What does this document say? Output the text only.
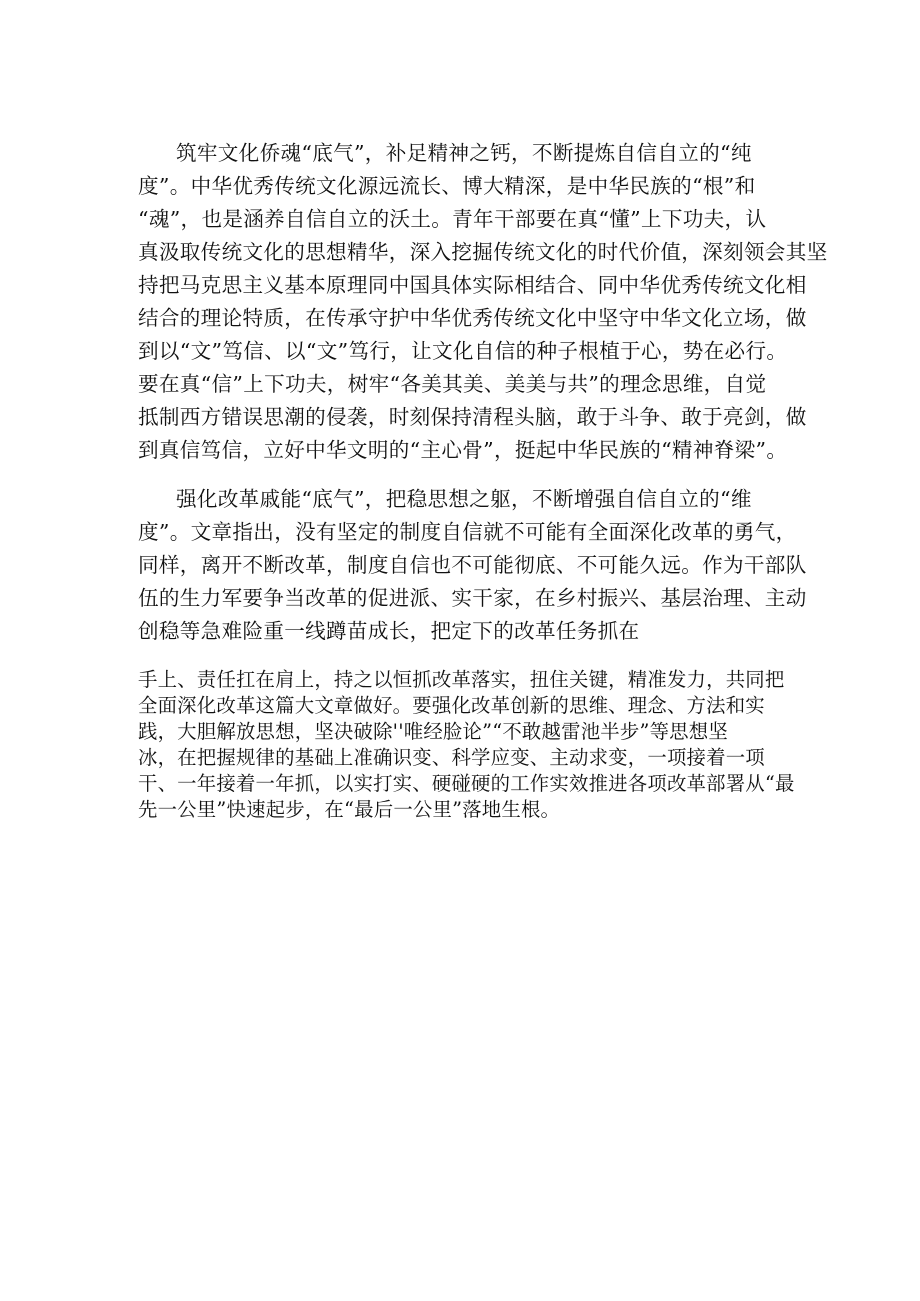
筑牢文化侨魂“底气”，补足精神之钙，不断提炼自信自立的“纯
度”。中华优秀传统文化源远流长、博大精深，是中华民族的“根”和
“魂”，也是涵养自信自立的沃土。青年干部要在真“懂”上下功夫，认
真汲取传统文化的思想精华，深入挖掘传统文化的时代价值，深刻领会其坚
持把马克思主义基本原理同中国具体实际相结合、同中华优秀传统文化相
结合的理论特质，在传承守护中华优秀传统文化中坚守中华文化立场，做
到以“文”笃信、以“文”笃行，让文化自信的种子根植于心，势在必行。
要在真“信”上下功夫，树牢“各美其美、美美与共”的理念思维，自觉
抵制西方错误思潮的侵袭，时刻保持清程头脑，敢于斗争、敢于亮剑，做
到真信笃信，立好中华文明的“主心骨”，挺起中华民族的“精神脊梁”。
强化改革戚能“底气”，把稳思想之躯，不断增强自信自立的“维
度”。文章指出，没有坚定的制度自信就不可能有全面深化改革的勇气，
同样，离开不断改革，制度自信也不可能彻底、不可能久远。作为干部队
伍的生力军要争当改革的促进派、实干家，在乡村振兴、基层治理、主动
创稳等急难险重一线蹲苗成长，把定下的改革任务抓在
手上、责任扛在肩上，持之以恒抓改革落实，扭住关键，精准发力，共同把
全面深化改革这篇大文章做好。要强化改革创新的思维、理念、方法和实
践，大胆解放思想，坚决破除''唯经脸论”“不敢越雷池半步”等思想坚
冰，在把握规律的基础上准确识变、科学应变、主动求变，一项接着一项
干、一年接着一年抓，以实打实、硬碰硬的工作实效推进各项改革部署从“最
先一公里”快速起步，在“最后一公里”落地生根。
